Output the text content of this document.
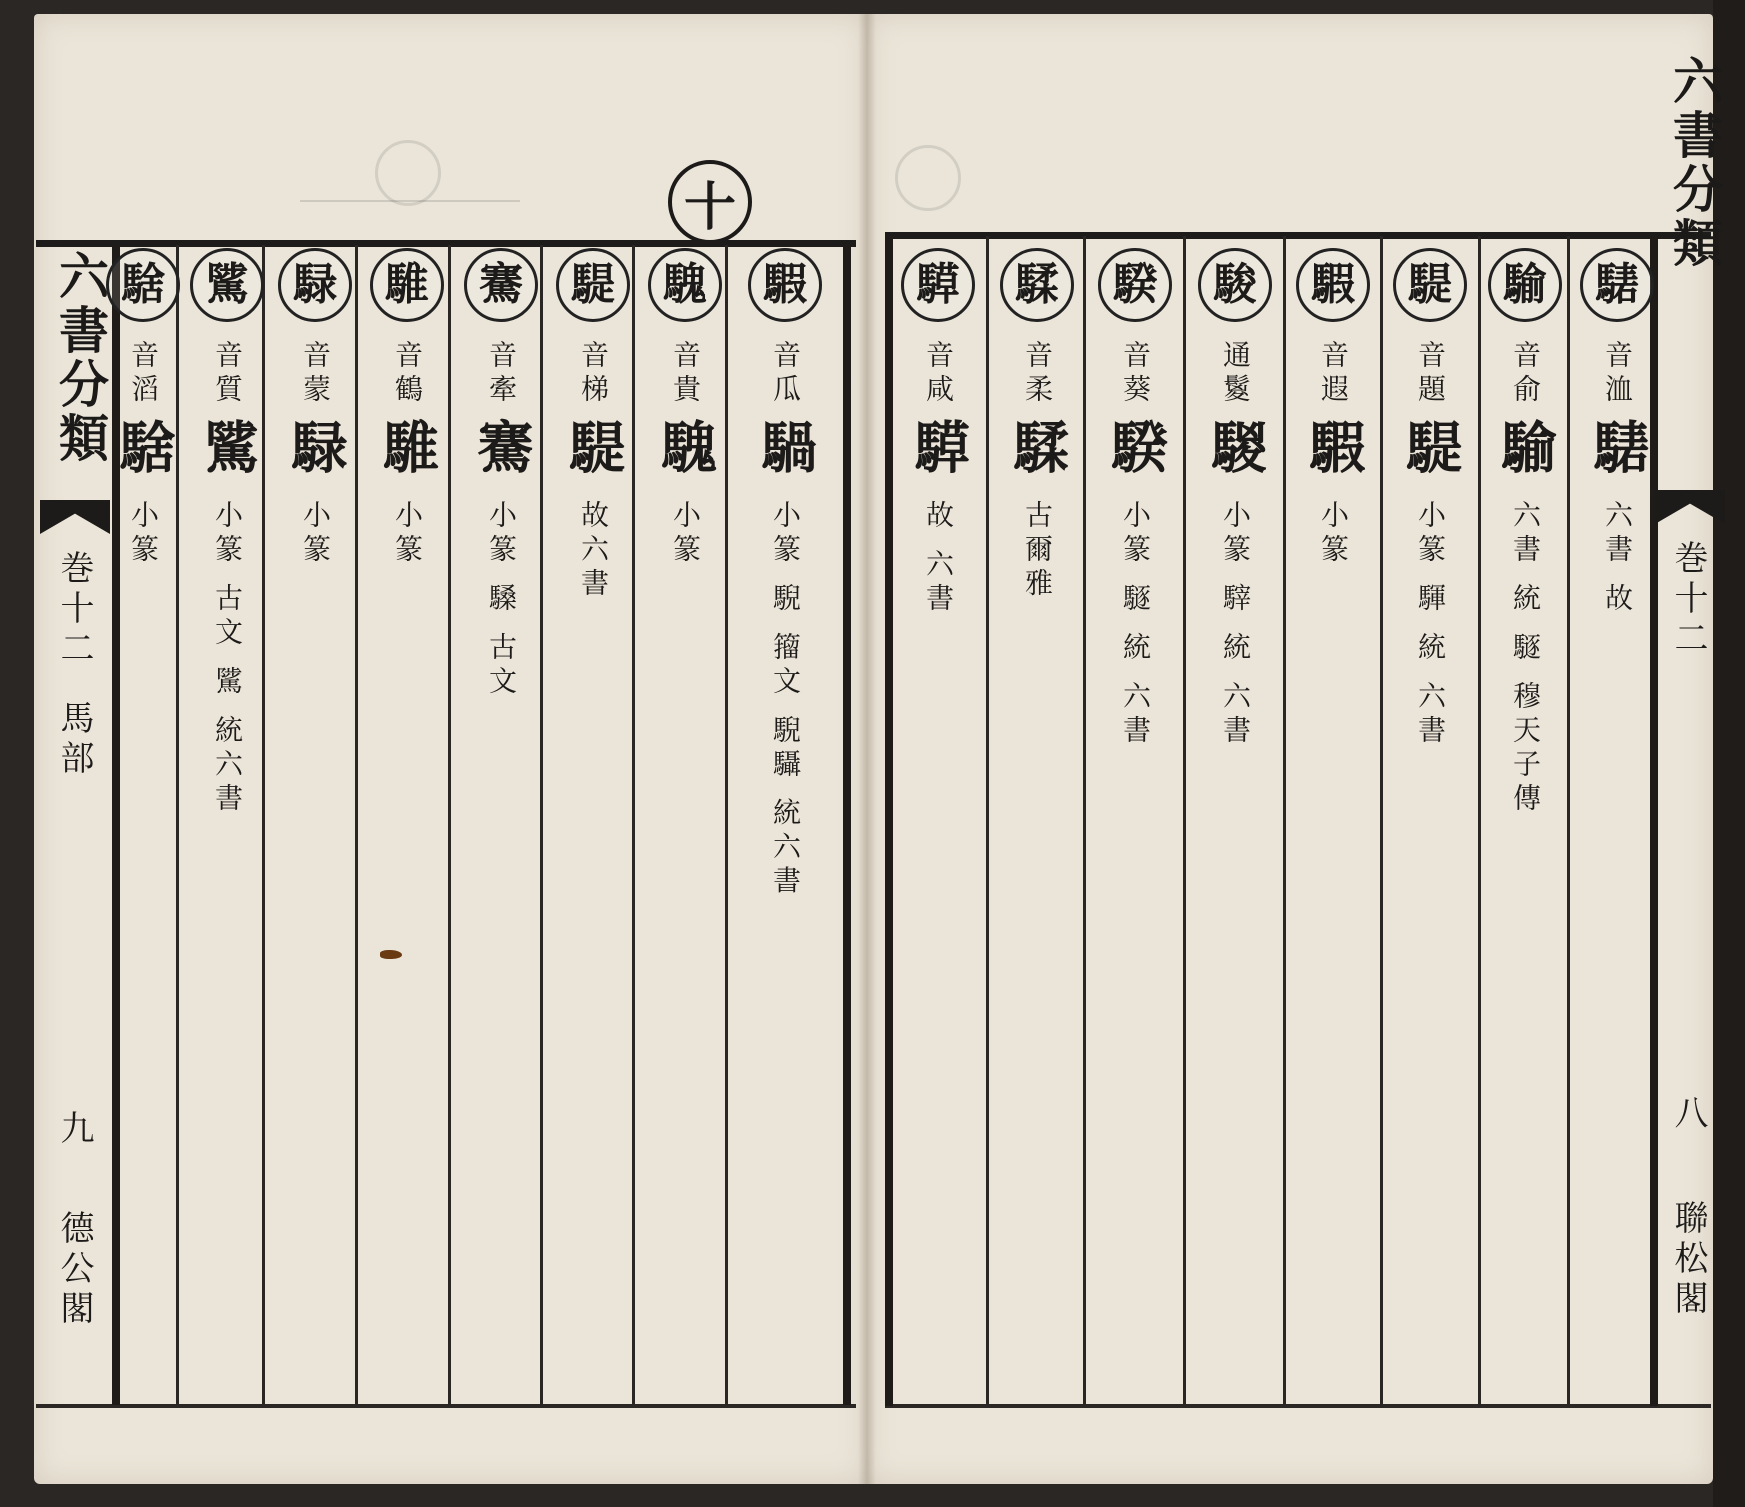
十
六書分類
巻十二
馬部
九
德公閣
六書分類
巻十二
八
聯松閣
騢
音瓜
騧
小篆 䮘 籀文 䮘䯀 統六書
騩
音貴
騩
小篆
騠
音梯
騠
故六書
騫
音牽
騫
小篆 䮣 古文
騅
音鶴
騅
小篆
騄
音蒙
騄
小篆
騭
音質
騭
小篆 古文 騭 統六書
騇
音滔
騇
小篆
騞
音洫
騞
六書 故
騟
音俞
騟
六書 統 䮱 穆天子傳
騠
音題
騠
小篆 䮝 統 六書
騢
音遐
騢
小篆
駿
通鬉
騣
小篆 䮨 統 六書
騤
音葵
騤
小篆 䮱 統 六書
騥
音柔
騥
古爾雅
騲
音咸
騲
故 六書
